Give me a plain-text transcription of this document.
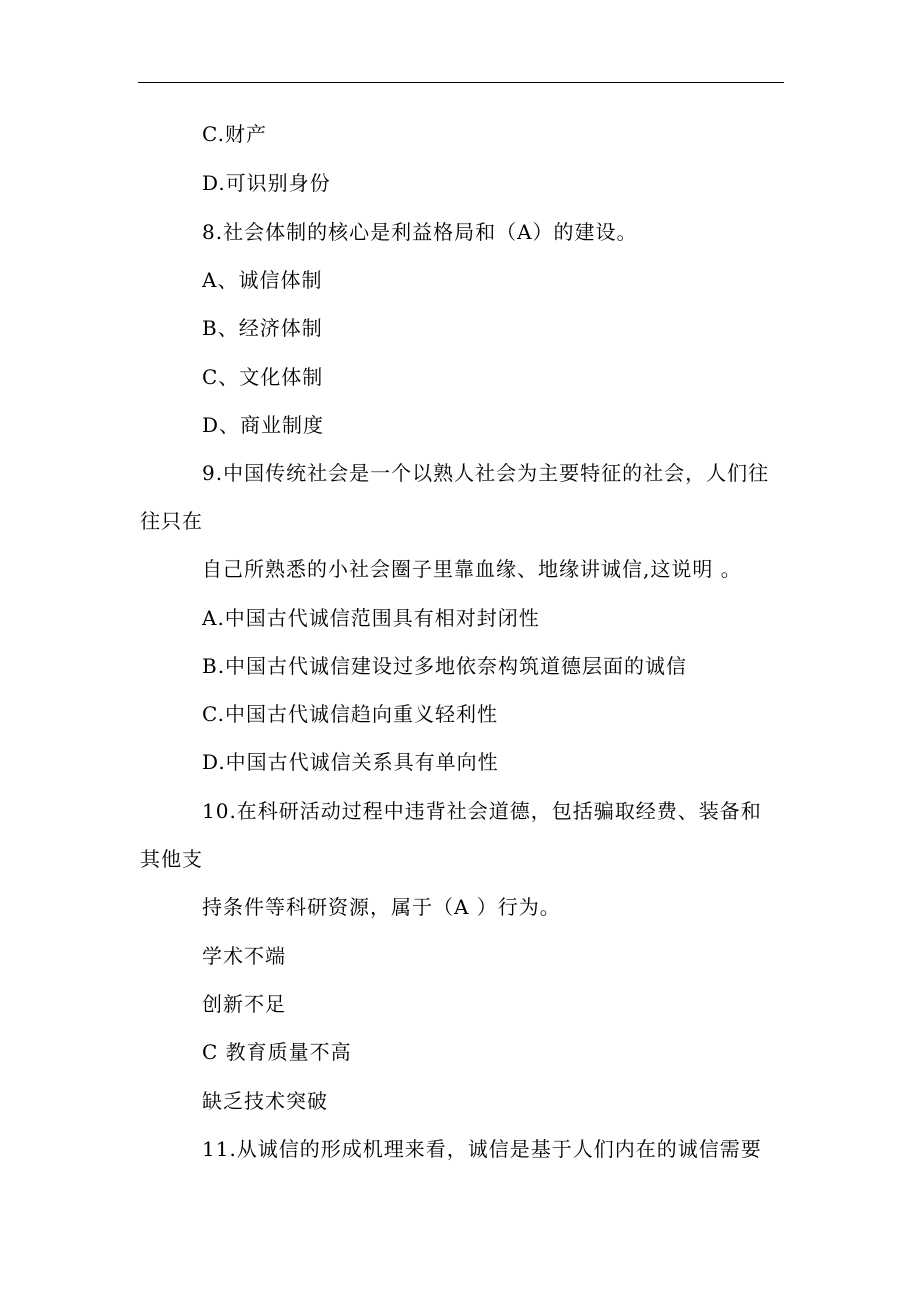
C.财产
D.可识别身份
8.社会体制的核心是利益格局和（A）的建设。
A、诚信体制
B、经济体制
C、文化体制
D、商业制度
9.中国传统社会是一个以熟人社会为主要特征的社会，人们往
往只在
自己所熟悉的小社会圈子里靠血缘、地缘讲诚信,这说明 。
A.中国古代诚信范围具有相对封闭性
B.中国古代诚信建设过多地依奈构筑道德层面的诚信
C.中国古代诚信趋向重义轻利性
D.中国古代诚信关系具有单向性
10.在科研活动过程中违背社会道德，包括骗取经费、装备和
其他支
持条件等科研资源，属于（A ）行为。
学术不端
创新不足
C 教育质量不高
缺乏技术突破
11.从诚信的形成机理来看，诚信是基于人们内在的诚信需要
